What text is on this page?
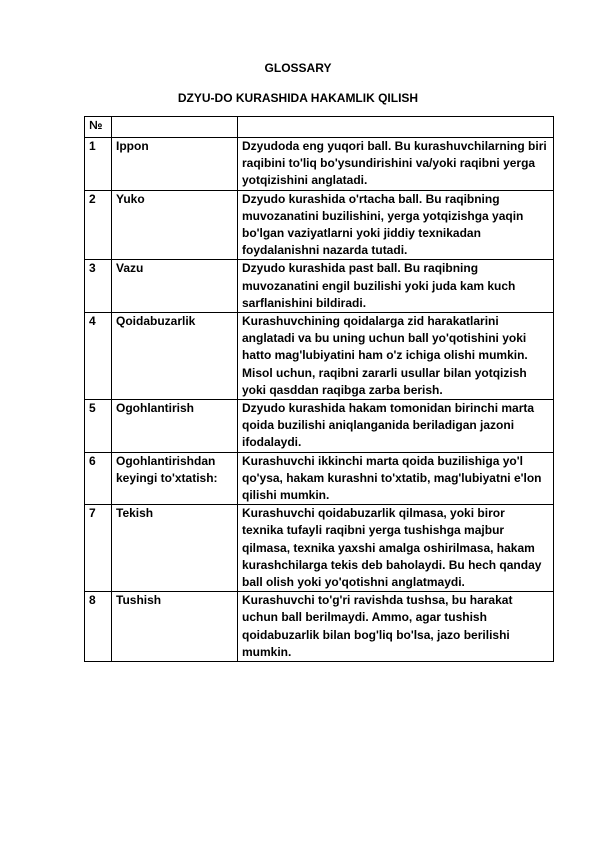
GLOSSARY
DZYU-DO KURASHIDA HAKAMLIK QILISH
№		
1	Ippon	Dzyudoda eng yuqori ball. Bu kurashuvchilarning biri raqibini to'liq bo'ysundirishini va/yoki raqibni yerga yotqizishini anglatadi.
2	Yuko	Dzyudo kurashida o'rtacha ball. Bu raqibning muvozanatini buzilishini, yerga yotqizishga yaqin bo'lgan vaziyatlarni yoki jiddiy texnikadan foydalanishni nazarda tutadi.
3	Vazu	Dzyudo kurashida past ball. Bu raqibning muvozanatini engil buzilishi yoki juda kam kuch sarflanishini bildiradi.
4	Qoidabuzarlik	Kurashuvchining qoidalarga zid harakatlarini anglatadi va bu uning uchun ball yo'qotishini yoki hatto mag'lubiyatini ham o'z ichiga olishi mumkin. Misol uchun, raqibni zararli usullar bilan yotqizish yoki qasddan raqibga zarba berish.
5	Ogohlantirish	Dzyudo kurashida hakam tomonidan birinchi marta qoida buzilishi aniqlanganida beriladigan jazoni ifodalaydi.
6	Ogohlantirishdan keyingi to'xtatish:	Kurashuvchi ikkinchi marta qoida buzilishiga yo'l qo'ysa, hakam kurashni to'xtatib, mag'lubiyatni e'lon qilishi mumkin.
7	Tekish	Kurashuvchi qoidabuzarlik qilmasa, yoki biror texnika tufayli raqibni yerga tushishga majbur qilmasa, texnika yaxshi amalga oshirilmasa, hakam kurashchilarga tekis deb baholaydi. Bu hech qanday ball olish yoki yo'qotishni anglatmaydi.
8	Tushish	Kurashuvchi to'g'ri ravishda tushsa, bu harakat uchun ball berilmaydi. Ammo, agar tushish qoidabuzarlik bilan bog'liq bo'lsa, jazo berilishi mumkin.
